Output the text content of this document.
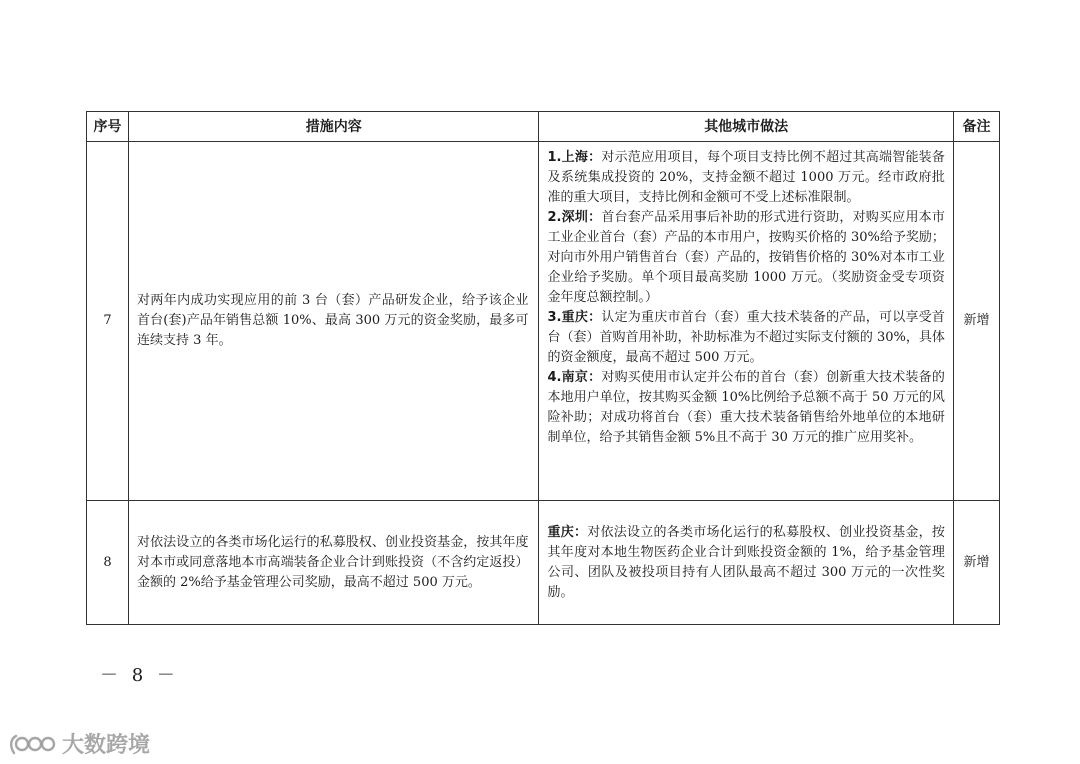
序号	措施内容	其他城市做法	备注
7	对两年内成功实现应用的前 3 台（套）产品研发企业，给予该企业首台(套)产品年销售总额 10%、最高 300 万元的资金奖励，最多可连续支持 3 年。	1.上海：对示范应用项目，每个项目支持比例不超过其高端智能装备及系统集成投资的 20%，支持金额不超过 1000 万元。经市政府批准的重大项目，支持比例和金额可不受上述标准限制。
2.深圳：首台套产品采用事后补助的形式进行资助，对购买应用本市工业企业首台（套）产品的本市用户，按购买价格的 30%给予奖励；对向市外用户销售首台（套）产品的，按销售价格的 30%对本市工业企业给予奖励。单个项目最高奖励 1000 万元。（奖励资金受专项资金年度总额控制。）
3.重庆：认定为重庆市首台（套）重大技术装备的产品，可以享受首台（套）首购首用补助，补助标准为不超过实际支付额的 30%，具体的资金额度，最高不超过 500 万元。
4.南京：对购买使用市认定并公布的首台（套）创新重大技术装备的本地用户单位，按其购买金额 10%比例给予总额不高于 50 万元的风险补助；对成功将首台（套）重大技术装备销售给外地单位的本地研制单位，给予其销售金额 5%且不高于 30 万元的推广应用奖补。	新增
8	对依法设立的各类市场化运行的私募股权、创业投资基金，按其年度对本市或同意落地本市高端装备企业合计到账投资（不含约定返投）金额的 2%给予基金管理公司奖励，最高不超过 500 万元。	重庆：对依法设立的各类市场化运行的私募股权、创业投资基金，按其年度对本地生物医药企业合计到账投资金额的 1%，给予基金管理公司、团队及被投项目持有人团队最高不超过 300 万元的一次性奖励。	新增
－ 8 －
大数跨境
